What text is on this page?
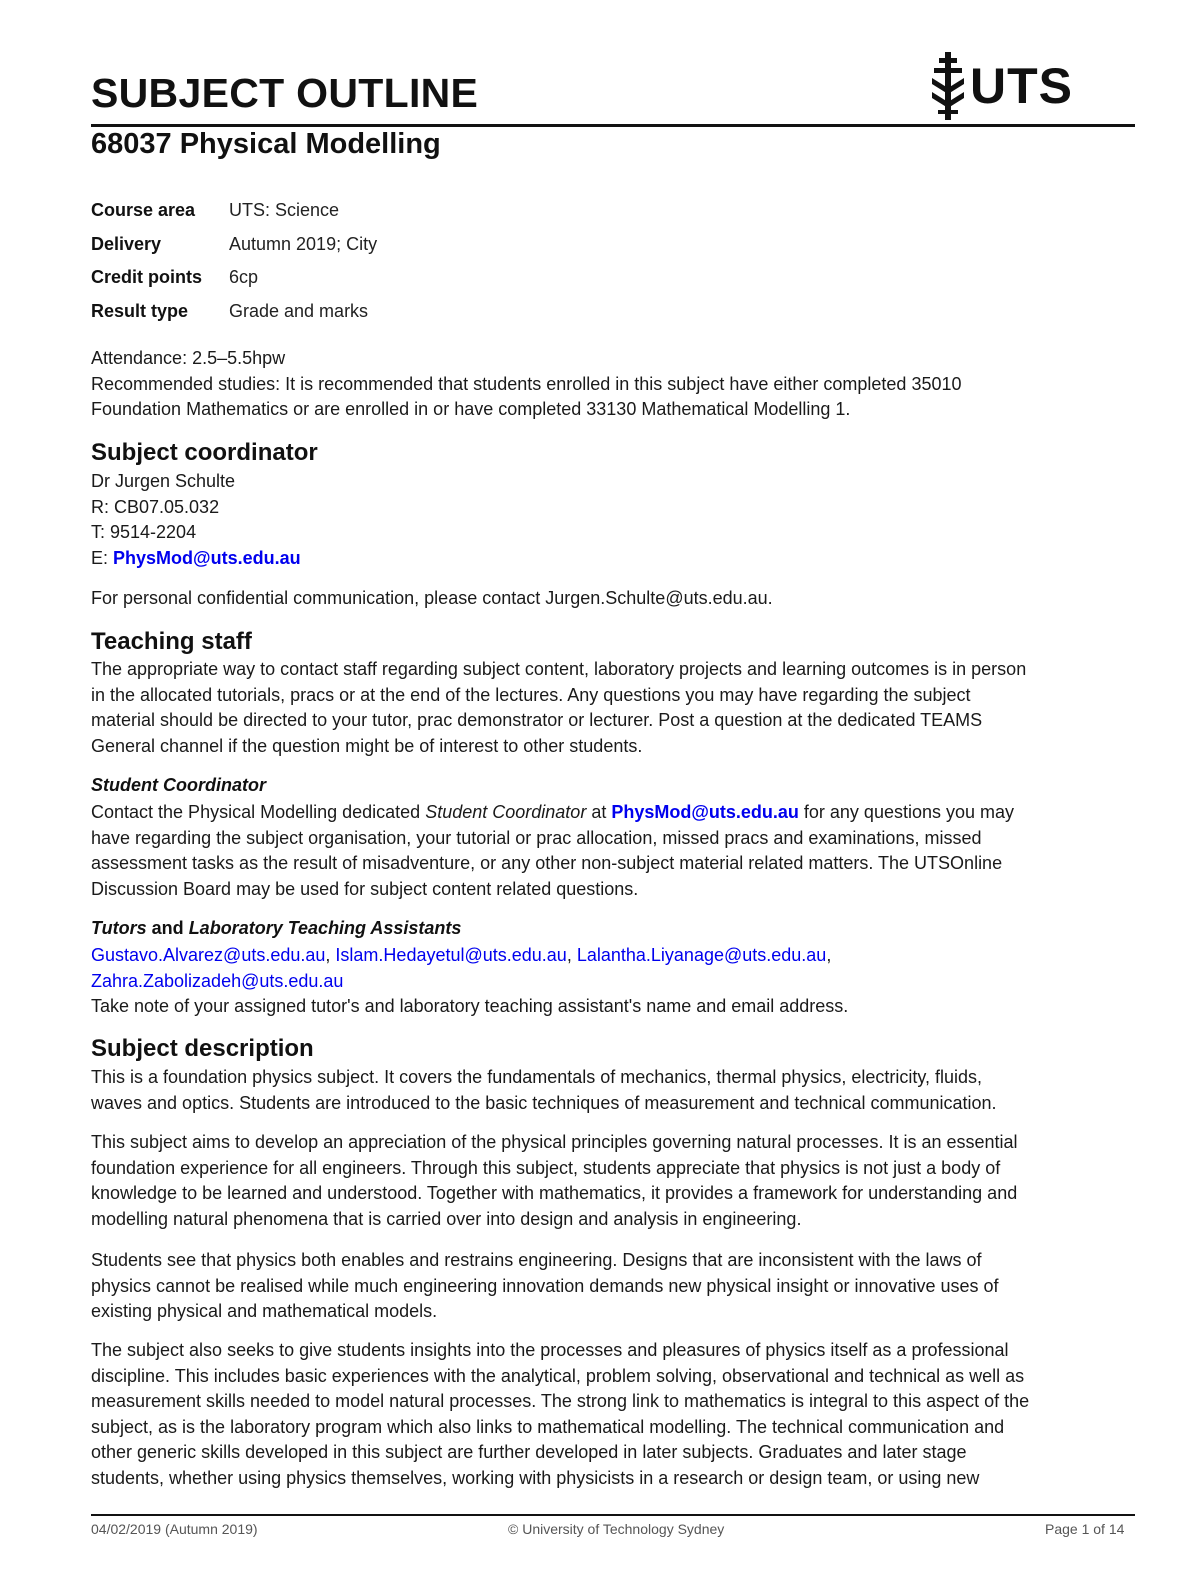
SUBJECT OUTLINE	UTS
68037 Physical Modelling
Course area	UTS: Science
Delivery	Autumn 2019; City
Credit points	6cp
Result type	Grade and marks
Attendance: 2.5–5.5hpw
Recommended studies: It is recommended that students enrolled in this subject have either completed 35010
Foundation Mathematics or are enrolled in or have completed 33130 Mathematical Modelling 1.
Subject coordinator
Dr Jurgen Schulte
R: CB07.05.032
T: 9514-2204
E: PhysMod@uts.edu.au
For personal confidential communication, please contact Jurgen.Schulte@uts.edu.au.
Teaching staff
The appropriate way to contact staff regarding subject content, laboratory projects and learning outcomes is in person
in the allocated tutorials, pracs or at the end of the lectures. Any questions you may have regarding the subject
material should be directed to your tutor, prac demonstrator or lecturer. Post a question at the dedicated TEAMS
General channel if the question might be of interest to other students.
Student Coordinator
Contact the Physical Modelling dedicated Student Coordinator at PhysMod@uts.edu.au for any questions you may
have regarding the subject organisation, your tutorial or prac allocation, missed pracs and examinations, missed
assessment tasks as the result of misadventure, or any other non-subject material related matters. The UTSOnline
Discussion Board may be used for subject content related questions.
Tutors and Laboratory Teaching Assistants
Gustavo.Alvarez@uts.edu.au, Islam.Hedayetul@uts.edu.au, Lalantha.Liyanage@uts.edu.au,
Zahra.Zabolizadeh@uts.edu.au
Take note of your assigned tutor's and laboratory teaching assistant's name and email address.
Subject description
This is a foundation physics subject. It covers the fundamentals of mechanics, thermal physics, electricity, fluids,
waves and optics. Students are introduced to the basic techniques of measurement and technical communication.
This subject aims to develop an appreciation of the physical principles governing natural processes. It is an essential
foundation experience for all engineers. Through this subject, students appreciate that physics is not just a body of
knowledge to be learned and understood. Together with mathematics, it provides a framework for understanding and
modelling natural phenomena that is carried over into design and analysis in engineering.
Students see that physics both enables and restrains engineering. Designs that are inconsistent with the laws of
physics cannot be realised while much engineering innovation demands new physical insight or innovative uses of
existing physical and mathematical models.
The subject also seeks to give students insights into the processes and pleasures of physics itself as a professional
discipline. This includes basic experiences with the analytical, problem solving, observational and technical as well as
measurement skills needed to model natural processes. The strong link to mathematics is integral to this aspect of the
subject, as is the laboratory program which also links to mathematical modelling. The technical communication and
other generic skills developed in this subject are further developed in later subjects. Graduates and later stage
students, whether using physics themselves, working with physicists in a research or design team, or using new
04/02/2019 (Autumn 2019)	© University of Technology Sydney	Page 1 of 14
